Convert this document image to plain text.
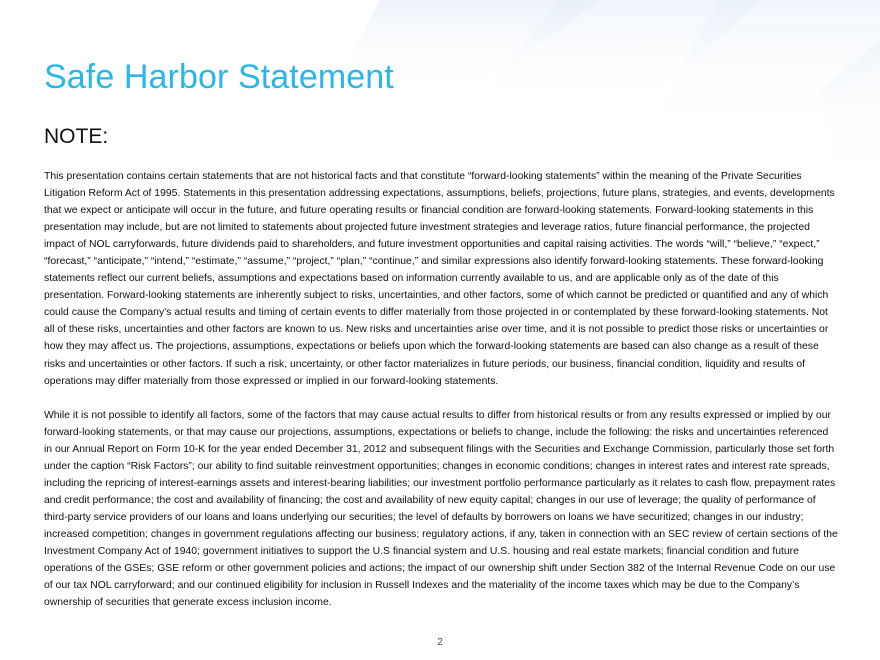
Safe Harbor Statement
NOTE:

This presentation contains certain statements that are not historical facts and that constitute “forward-looking statements” within the meaning of the Private Securities Litigation Reform Act of 1995. Statements in this presentation addressing expectations, assumptions, beliefs, projections, future plans, strategies, and events, developments that we expect or anticipate will occur in the future, and future operating results or financial condition are forward-looking statements. Forward-looking statements in this presentation may include, but are not limited to statements about projected future investment strategies and leverage ratios, future financial performance, the projected impact of NOL carryforwards, future dividends paid to shareholders, and future investment opportunities and capital raising activities. The words “will,” “believe,” “expect,” “forecast,” “anticipate,” “intend,” “estimate,” “assume,” “project,” “plan,” “continue,” and similar expressions also identify forward-looking statements. These forward-looking statements reflect our current beliefs, assumptions and expectations based on information currently available to us, and are applicable only as of the date of this presentation. Forward-looking statements are inherently subject to risks, uncertainties, and other factors, some of which cannot be predicted or quantified and any of which could cause the Company’s actual results and timing of certain events to differ materially from those projected in or contemplated by these forward-looking statements. Not all of these risks, uncertainties and other factors are known to us. New risks and uncertainties arise over time, and it is not possible to predict those risks or uncertainties or how they may affect us. The projections, assumptions, expectations or beliefs upon which the forward-looking statements are based can also change as a result of these risks and uncertainties or other factors. If such a risk, uncertainty, or other factor materializes in future periods, our business, financial condition, liquidity and results of operations may differ materially from those expressed or implied in our forward-looking statements.

While it is not possible to identify all factors, some of the factors that may cause actual results to differ from historical results or from any results expressed or implied by our forward-looking statements, or that may cause our projections, assumptions, expectations or beliefs to change, include the following: the risks and uncertainties referenced in our Annual Report on Form 10-K for the year ended December 31, 2012 and subsequent filings with the Securities and Exchange Commission, particularly those set forth under the caption “Risk Factors”; our ability to find suitable reinvestment opportunities; changes in economic conditions; changes in interest rates and interest rate spreads, including the repricing of interest-earnings assets and interest-bearing liabilities; our investment portfolio performance particularly as it relates to cash flow, prepayment rates and credit performance; the cost and availability of financing; the cost and availability of new equity capital; changes in our use of leverage; the quality of performance of third-party service providers of our loans and loans underlying our securities; the level of defaults by borrowers on loans we have securitized; changes in our industry; increased competition; changes in government regulations affecting our business; regulatory actions, if any, taken in connection with an SEC review of certain sections of the Investment Company Act of 1940; government initiatives to support the U.S financial system and U.S. housing and real estate markets; financial condition and future operations of the GSEs; GSE reform or other government policies and actions; the impact of our ownership shift under Section 382 of the Internal Revenue Code on our use of our tax NOL carryforward; and our continued eligibility for inclusion in Russell Indexes and the materiality of the income taxes which may be due to the Company’s ownership of securities that generate excess inclusion income.

2
